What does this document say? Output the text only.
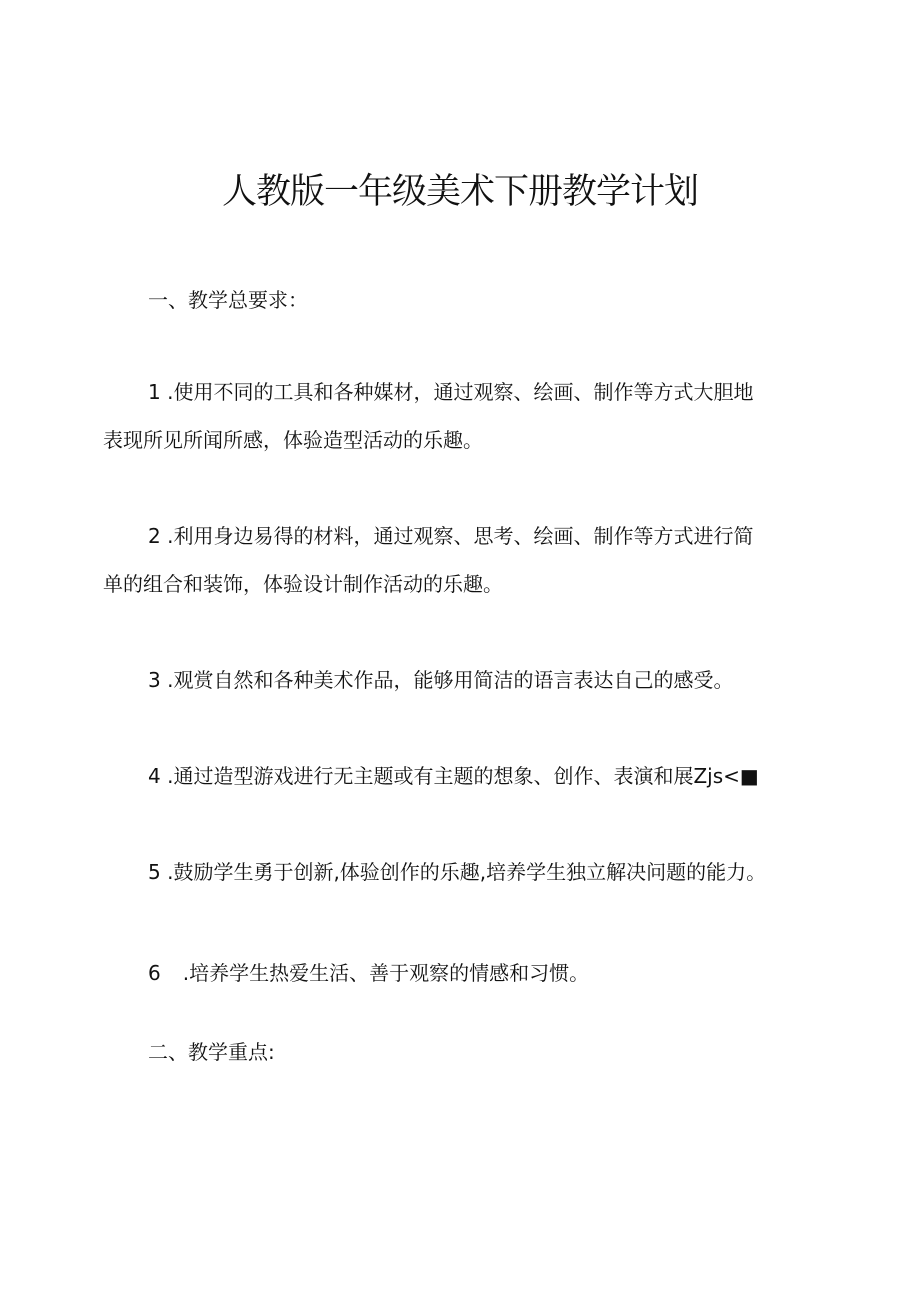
人教版一年级美术下册教学计划
一、教学总要求：
1 .使用不同的工具和各种媒材，通过观察、绘画、制作等方式大胆地
表现所见所闻所感，体验造型活动的乐趣。
2 .利用身边易得的材料，通过观察、思考、绘画、制作等方式进行简
单的组合和装饰，体验设计制作活动的乐趣。
3 .观赏自然和各种美术作品，能够用简洁的语言表达自己的感受。
4 .通过造型游戏进行无主题或有主题的想象、创作、表演和展Zjs<■
5 .鼓励学生勇于创新,体验创作的乐趣,培养学生独立解决问题的能力。
6 .培养学生热爱生活、善于观察的情感和习惯。
二、教学重点:
